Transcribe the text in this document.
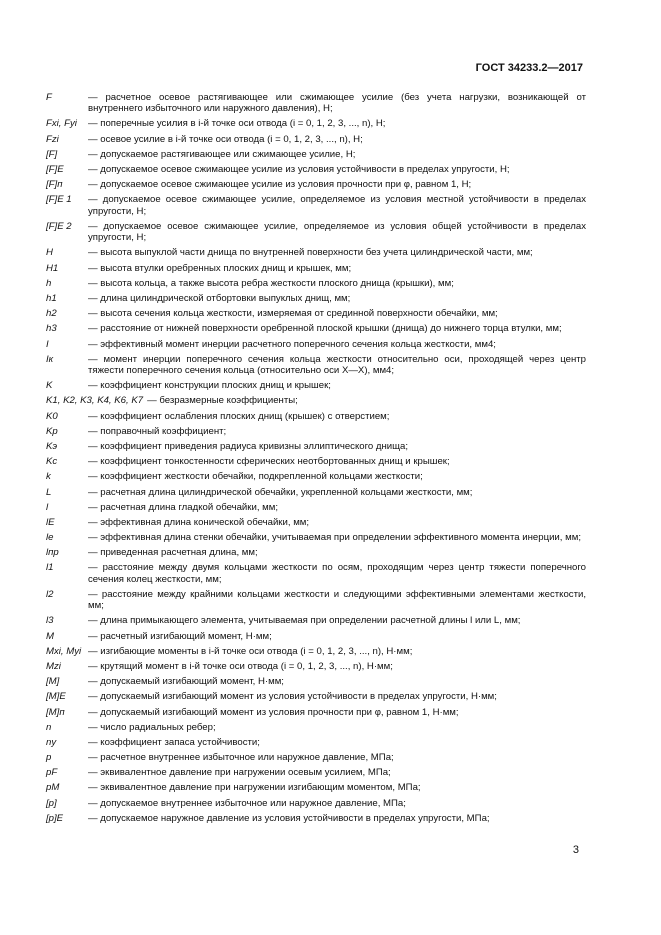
ГОСТ 34233.2—2017
F	— расчетное осевое растягивающее или сжимающее усилие (без учета нагрузки, возникающей от внутреннего избыточного или наружного давления), Н;
Fxi, Fyi	— поперечные усилия в i-й точке оси отвода (i = 0, 1, 2, 3, ..., n), Н;
Fzi	— осевое усилие в i-й точке оси отвода (i = 0, 1, 2, 3, ..., n), Н;
[F]	— допускаемое растягивающее или сжимающее усилие, Н;
[F]E	— допускаемое осевое сжимающее усилие из условия устойчивости в пределах упругости, Н;
[F]п	— допускаемое осевое сжимающее усилие из условия прочности при φ, равном 1, Н;
[F]E 1	— допускаемое осевое сжимающее усилие, определяемое из условия местной устойчивости в пределах упругости, Н;
[F]E 2	— допускаемое осевое сжимающее усилие, определяемое из условия общей устойчивости в пределах упругости, Н;
H	— высота выпуклой части днища по внутренней поверхности без учета цилиндрической части, мм;
H1	— высота втулки оребренных плоских днищ и крышек, мм;
h	— высота кольца, а также высота ребра жесткости плоского днища (крышки), мм;
h1	— длина цилиндрической отбортовки выпуклых днищ, мм;
h2	— высота сечения кольца жесткости, измеряемая от срединной поверхности обечайки, мм;
h3	— расстояние от нижней поверхности оребренной плоской крышки (днища) до нижнего торца втулки, мм;
I	— эффективный момент инерции расчетного поперечного сечения кольца жесткости, мм4;
Iк	— момент инерции поперечного сечения кольца жесткости относительно оси, проходящей через центр тяжести поперечного сечения кольца (относительно оси X—X), мм4;
K	— коэффициент конструкции плоских днищ и крышек;
K1, K2, K3, K4, K6, K7 — безразмерные коэффициенты;
K0	— коэффициент ослабления плоских днищ (крышек) с отверстием;
Kp	— поправочный коэффициент;
Kэ	— коэффициент приведения радиуса кривизны эллиптического днища;
Kс	— коэффициент тонкостенности сферических неотбортованных днищ и крышек;
k	— коэффициент жесткости обечайки, подкрепленной кольцами жесткости;
L	— расчетная длина цилиндрической обечайки, укрепленной кольцами жесткости, мм;
l	— расчетная длина гладкой обечайки, мм;
lE	— эффективная длина конической обечайки, мм;
le	— эффективная длина стенки обечайки, учитываемая при определении эффективного момента инерции, мм;
lпр	— приведенная расчетная длина, мм;
l1	— расстояние между двумя кольцами жесткости по осям, проходящим через центр тяжести поперечного сечения колец жесткости, мм;
l2	— расстояние между крайними кольцами жесткости и следующими эффективными элементами жесткости, мм;
l3	— длина примыкающего элемента, учитываемая при определении расчетной длины l или L, мм;
M	— расчетный изгибающий момент, Н·мм;
Mxi, Myi — изгибающие моменты в i-й точке оси отвода (i = 0, 1, 2, 3, ..., n), Н·мм;
Mzi	— крутящий момент в i-й точке оси отвода (i = 0, 1, 2, 3, ..., n), Н·мм;
[M]	— допускаемый изгибающий момент, Н·мм;
[M]E	— допускаемый изгибающий момент из условия устойчивости в пределах упругости, Н·мм;
[M]п	— допускаемый изгибающий момент из условия прочности при φ, равном 1, Н·мм;
n	— число радиальных ребер;
ny	— коэффициент запаса устойчивости;
p	— расчетное внутреннее избыточное или наружное давление, МПа;
pF	— эквивалентное давление при нагружении осевым усилием, МПа;
pM	— эквивалентное давление при нагружении изгибающим моментом, МПа;
[p]	— допускаемое внутреннее избыточное или наружное давление, МПа;
[p]E	— допускаемое наружное давление из условия устойчивости в пределах упругости, МПа;
3
